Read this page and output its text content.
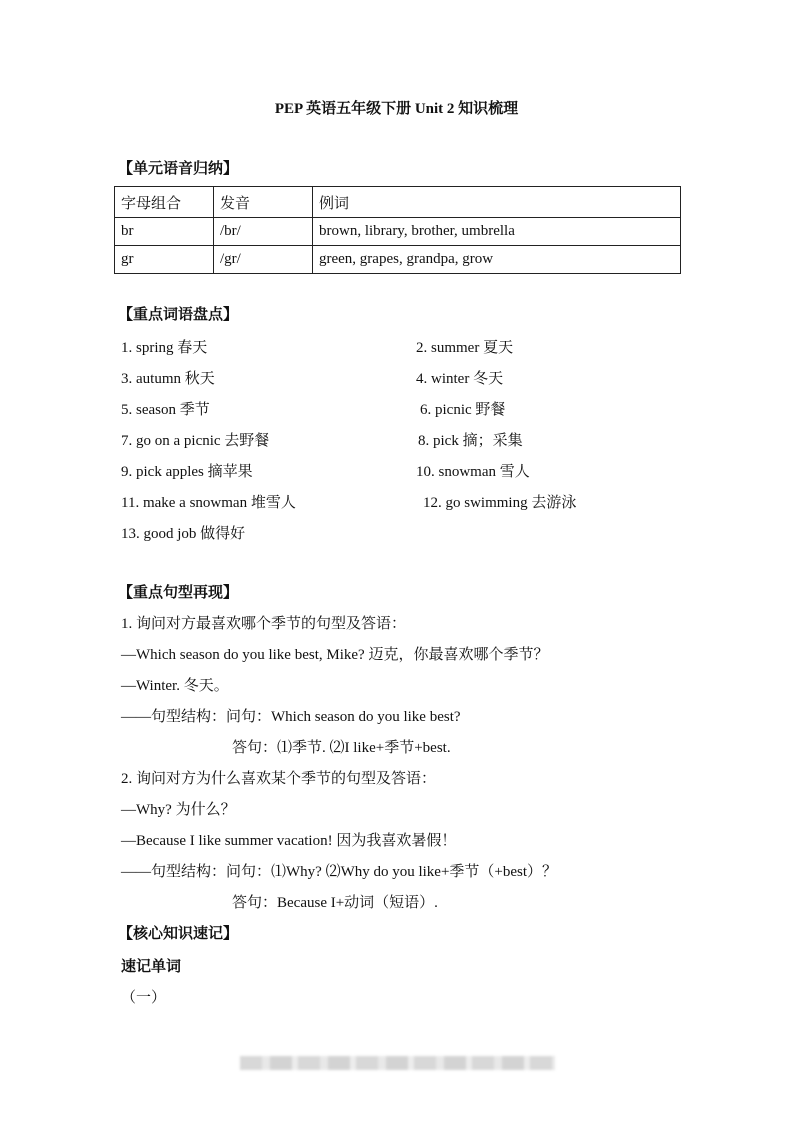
PEP 英语五年级下册 Unit 2 知识梳理
【单元语音归纳】
字母组合	发音	例词
br	/br/	brown, library, brother, umbrella
gr	/gr/	green, grapes, grandpa, grow
【重点词语盘点】
1. spring 春天	2. summer 夏天
3. autumn 秋天	4. winter 冬天
5. season 季节	6. picnic 野餐
7. go on a picnic 去野餐	8. pick 摘；采集
9. pick apples 摘苹果	10. snowman 雪人
11. make a snowman 堆雪人	12. go swimming 去游泳
13. good job 做得好
【重点句型再现】
1. 询问对方最喜欢哪个季节的句型及答语：
—Which season do you like best, Mike? 迈克，你最喜欢哪个季节？
—Winter. 冬天。
——句型结构：问句：Which season do you like best?
答句：⑴季节. ⑵I like+季节+best.
2. 询问对方为什么喜欢某个季节的句型及答语：
—Why? 为什么？
—Because I like summer vacation! 因为我喜欢暑假！
——句型结构：问句：⑴Why? ⑵Why do you like+季节（+best）？
答句：Because I+动词（短语）.
【核心知识速记】
速记单词
（一）
